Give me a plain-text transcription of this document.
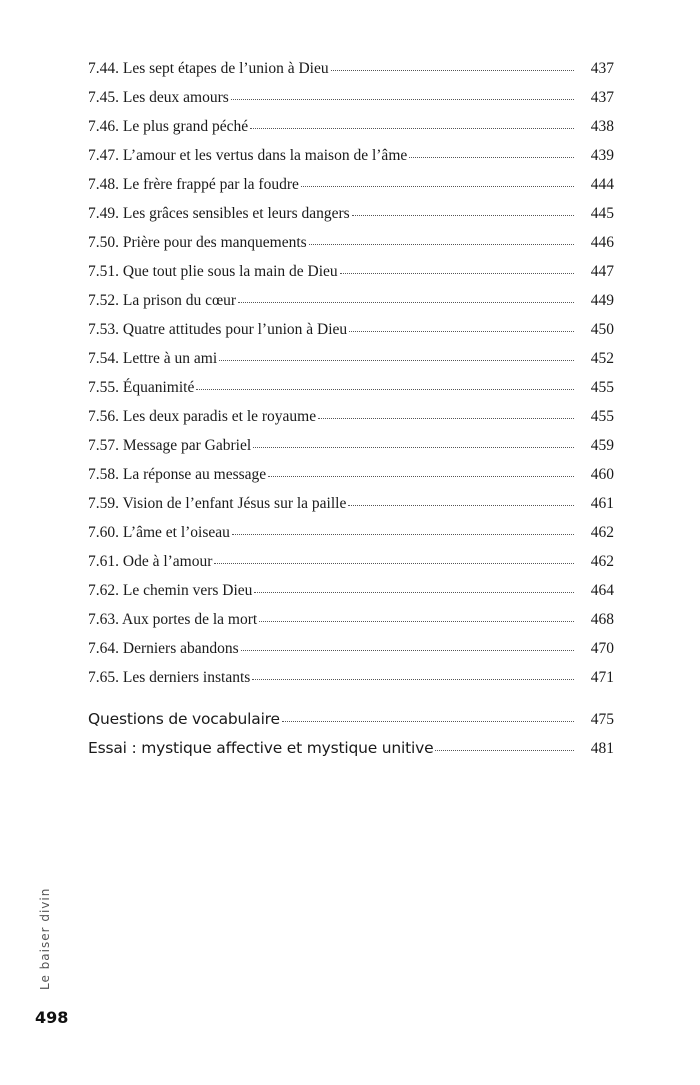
7.44. Les sept étapes de l’union à Dieu	437
7.45. Les deux amours	437
7.46. Le plus grand péché	438
7.47. L’amour et les vertus dans la maison de l’âme	439
7.48. Le frère frappé par la foudre	444
7.49. Les grâces sensibles et leurs dangers	445
7.50. Prière pour des manquements	446
7.51. Que tout plie sous la main de Dieu	447
7.52. La prison du cœur	449
7.53. Quatre attitudes pour l’union à Dieu	450
7.54. Lettre à un ami	452
7.55. Équanimité	455
7.56. Les deux paradis et le royaume	455
7.57. Message par Gabriel	459
7.58. La réponse au message	460
7.59. Vision de l’enfant Jésus sur la paille	461
7.60. L’âme et l’oiseau	462
7.61. Ode à l’amour	462
7.62. Le chemin vers Dieu	464
7.63. Aux portes de la mort	468
7.64. Derniers abandons	470
7.65. Les derniers instants	471
Questions de vocabulaire	475
Essai : mystique affective et mystique unitive	481
Le baiser divin
498
